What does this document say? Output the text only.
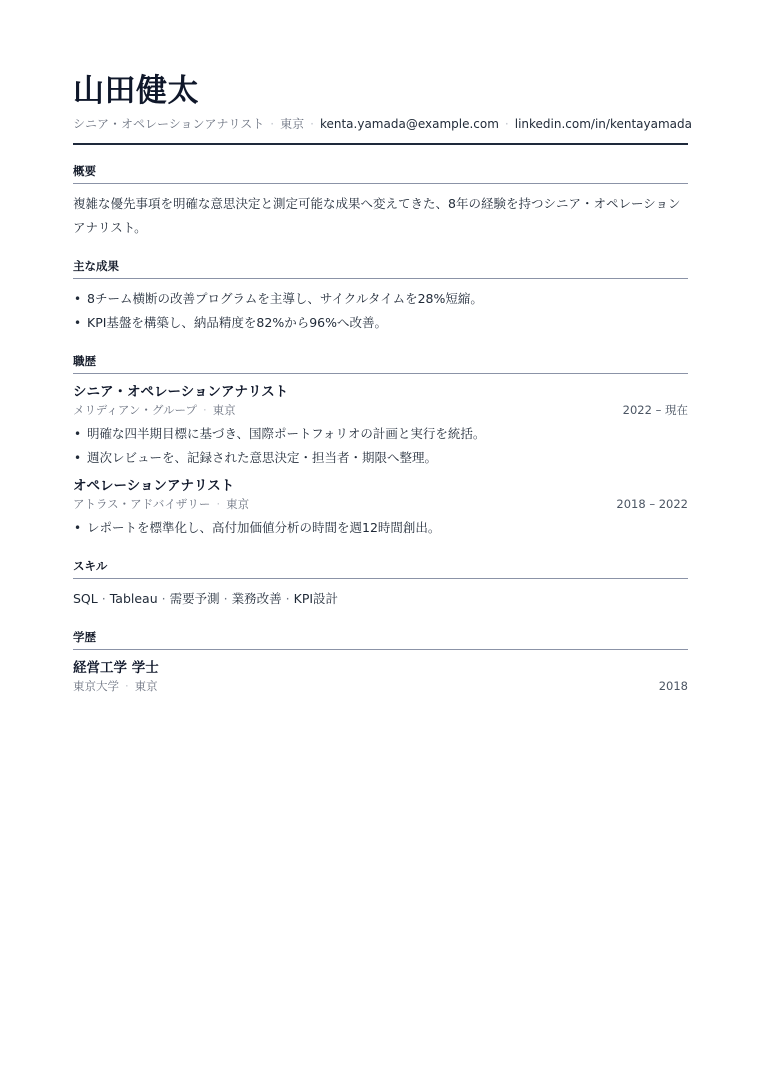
山田健太
シニア・オペレーションアナリスト · 東京 · kenta.yamada@example.com · linkedin.com/in/kentayamada
概要
複雑な優先事項を明確な意思決定と測定可能な成果へ変えてきた、8年の経験を持つシニア・オペレーションアナリスト。
主な成果
• 8チーム横断の改善プログラムを主導し、サイクルタイムを28%短縮。
• KPI基盤を構築し、納品精度を82%から96%へ改善。
職歴
シニア・オペレーションアナリスト
メリディアン・グループ · 東京	2022 – 現在
• 明確な四半期目標に基づき、国際ポートフォリオの計画と実行を統括。
• 週次レビューを、記録された意思決定・担当者・期限へ整理。
オペレーションアナリスト
アトラス・アドバイザリー · 東京	2018 – 2022
• レポートを標準化し、高付加価値分析の時間を週12時間創出。
スキル
SQL · Tableau · 需要予測 · 業務改善 · KPI設計
学歴
経営工学 学士
東京大学 · 東京	2018
